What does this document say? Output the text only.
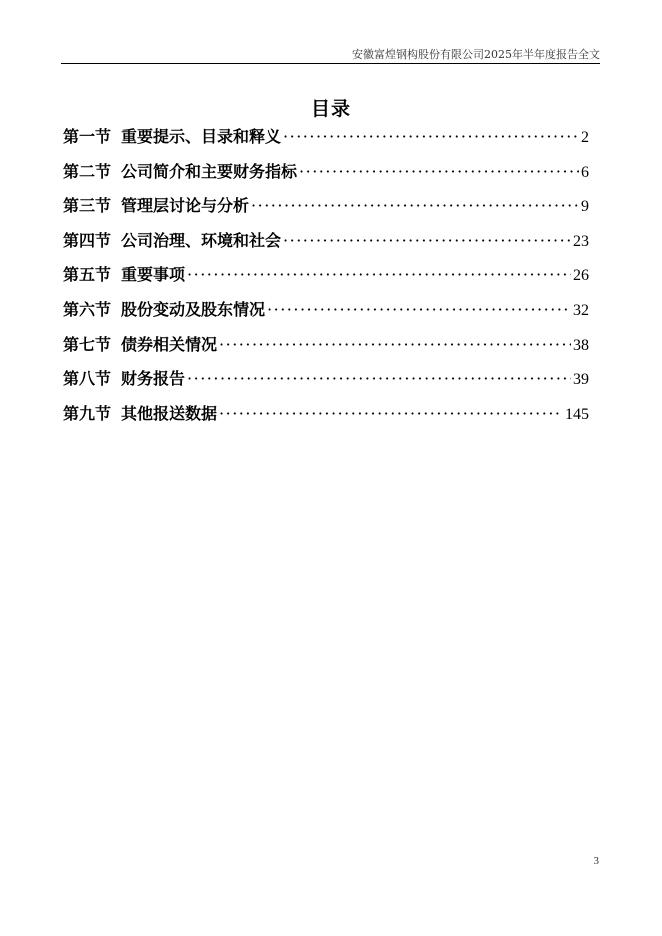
安徽富煌钢构股份有限公司2025年半年度报告全文
目录
第一节 重要提示、目录和释义 ·····	2
第二节 公司简介和主要财务指标 ·····	6
第三节 管理层讨论与分析 ·····	9
第四节 公司治理、环境和社会 ·····	23
第五节 重要事项 ·····	26
第六节 股份变动及股东情况 ·····	32
第七节 债券相关情况 ·····	38
第八节 财务报告 ·····	39
第九节 其他报送数据 ·····	145
3
